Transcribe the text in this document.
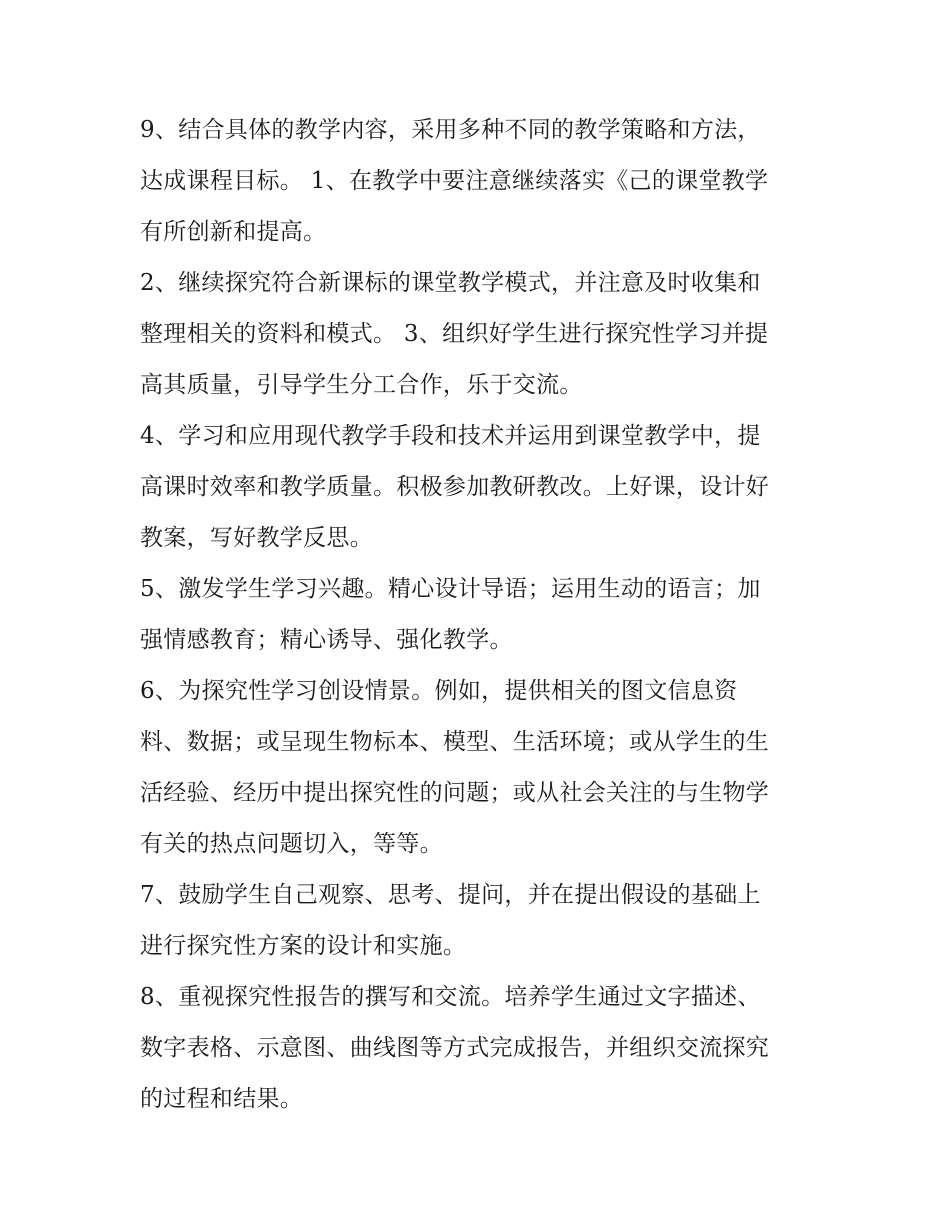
9、结合具体的教学内容，采用多种不同的教学策略和方法，
达成课程目标。 1、在教学中要注意继续落实《己的课堂教学
有所创新和提高。
2、继续探究符合新课标的课堂教学模式，并注意及时收集和
整理相关的资料和模式。 3、组织好学生进行探究性学习并提
高其质量，引导学生分工合作，乐于交流。
4、学习和应用现代教学手段和技术并运用到课堂教学中，提
高课时效率和教学质量。积极参加教研教改。上好课，设计好
教案，写好教学反思。
5、激发学生学习兴趣。精心设计导语；运用生动的语言；加
强情感教育；精心诱导、强化教学。
6、为探究性学习创设情景。例如，提供相关的图文信息资
料、数据；或呈现生物标本、模型、生活环境；或从学生的生
活经验、经历中提出探究性的问题；或从社会关注的与生物学
有关的热点问题切入，等等。
7、鼓励学生自己观察、思考、提问，并在提出假设的基础上
进行探究性方案的设计和实施。
8、重视探究性报告的撰写和交流。培养学生通过文字描述、
数字表格、示意图、曲线图等方式完成报告，并组织交流探究
的过程和结果。
